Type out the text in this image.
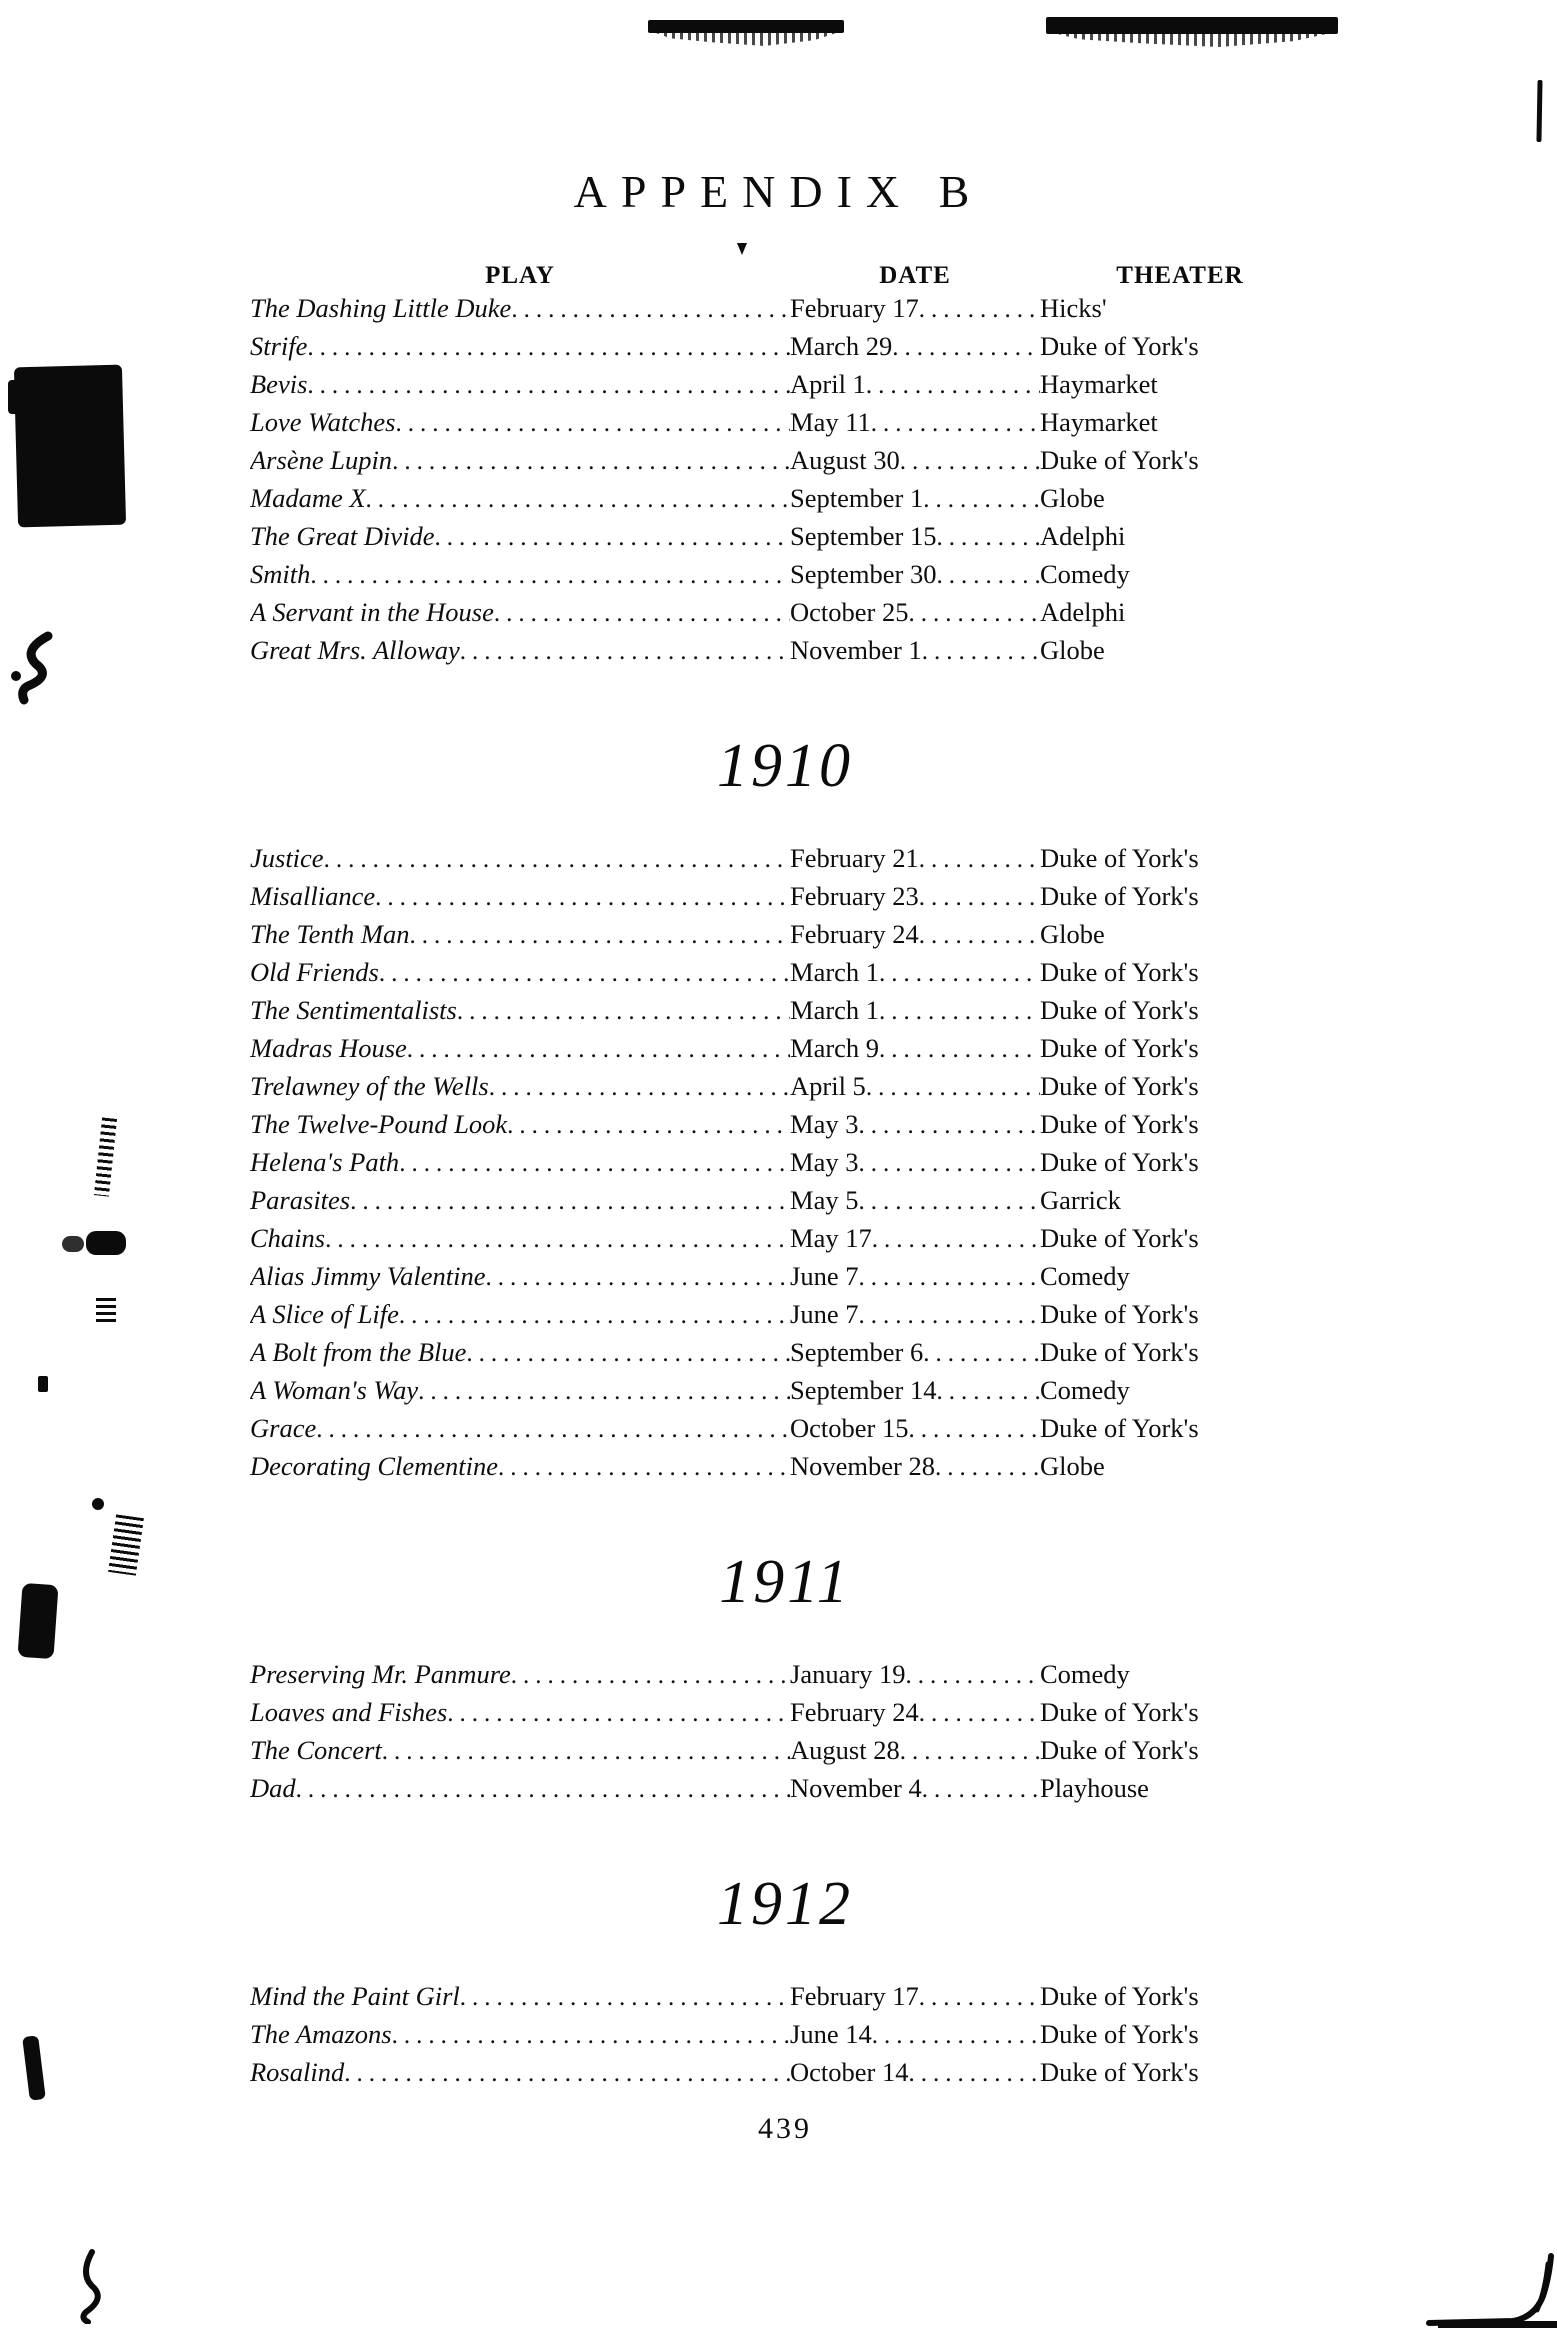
APPENDIX B
PLAY	DATE	THEATER
The Dashing Little Duke .....	February 17 .....	Hicks'
Strife .....	March 29 .....	Duke of York's
Bevis .....	April 1 .....	Haymarket
Love Watches .....	May 11 .....	Haymarket
Arsène Lupin .....	August 30 .....	Duke of York's
Madame X .....	September 1 .....	Globe
The Great Divide .....	September 15 .....	Adelphi
Smith .....	September 30 .....	Comedy
A Servant in the House .....	October 25 .....	Adelphi
Great Mrs. Alloway .....	November 1 .....	Globe
1910
Justice .....	February 21 .....	Duke of York's
Misalliance .....	February 23 .....	Duke of York's
The Tenth Man .....	February 24 .....	Globe
Old Friends .....	March 1 .....	Duke of York's
The Sentimentalists .....	March 1 .....	Duke of York's
Madras House .....	March 9 .....	Duke of York's
Trelawney of the Wells .....	April 5 .....	Duke of York's
The Twelve-Pound Look .....	May 3 .....	Duke of York's
Helena's Path .....	May 3 .....	Duke of York's
Parasites .....	May 5 .....	Garrick
Chains .....	May 17 .....	Duke of York's
Alias Jimmy Valentine .....	June 7 .....	Comedy
A Slice of Life .....	June 7 .....	Duke of York's
A Bolt from the Blue .....	September 6 .....	Duke of York's
A Woman's Way .....	September 14 .....	Comedy
Grace .....	October 15 .....	Duke of York's
Decorating Clementine .....	November 28 .....	Globe
1911
Preserving Mr. Panmure .....	January 19 .....	Comedy
Loaves and Fishes .....	February 24 .....	Duke of York's
The Concert .....	August 28 .....	Duke of York's
Dad .....	November 4 .....	Playhouse
1912
Mind the Paint Girl .....	February 17 .....	Duke of York's
The Amazons .....	June 14 .....	Duke of York's
Rosalind .....	October 14 .....	Duke of York's
439
